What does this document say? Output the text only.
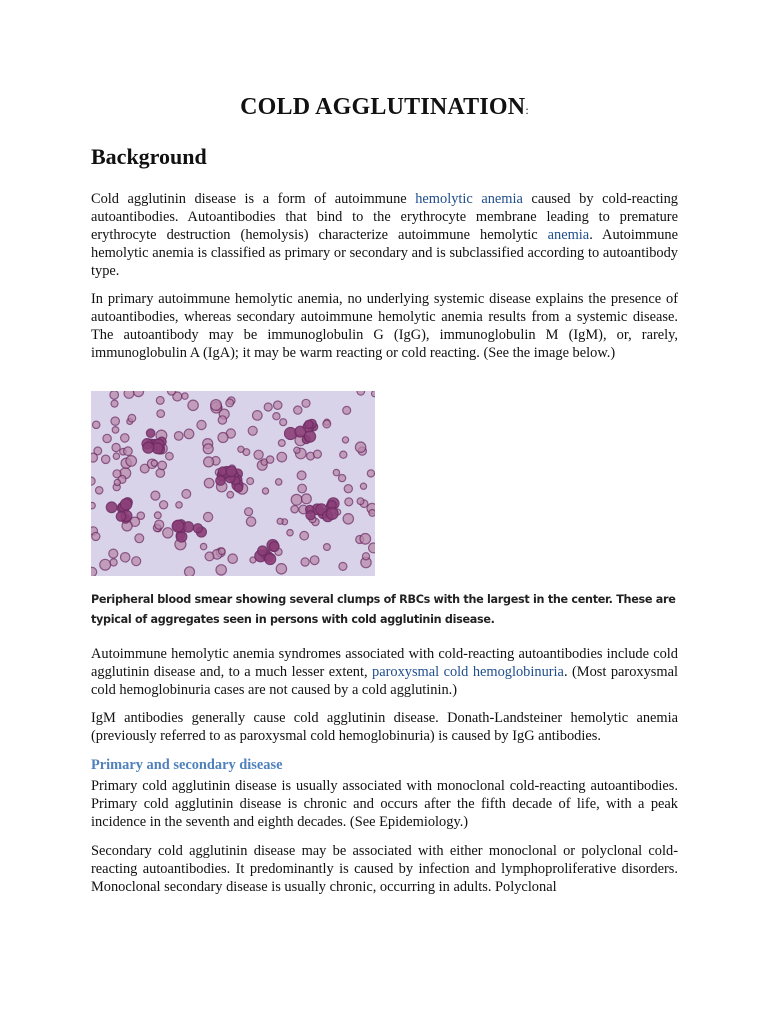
COLD AGGLUTINATION:
Background

Cold agglutinin disease is a form of autoimmune hemolytic anemia caused by cold-reacting autoantibodies. Autoantibodies that bind to the erythrocyte membrane leading to premature erythrocyte destruction (hemolysis) characterize autoimmune hemolytic anemia. Autoimmune hemolytic anemia is classified as primary or secondary and is subclassified according to autoantibody type.

In primary autoimmune hemolytic anemia, no underlying systemic disease explains the presence of autoantibodies, whereas secondary autoimmune hemolytic anemia results from a systemic disease. The autoantibody may be immunoglobulin G (IgG), immunoglobulin M (IgM), or, rarely, immunoglobulin A (IgA); it may be warm reacting or cold reacting. (See the image below.)

Peripheral blood smear showing several clumps of RBCs with the largest in the center. These are typical of aggregates seen in persons with cold agglutinin disease.

Autoimmune hemolytic anemia syndromes associated with cold-reacting autoantibodies include cold agglutinin disease and, to a much lesser extent, paroxysmal cold hemoglobinuria. (Most paroxysmal cold hemoglobinuria cases are not caused by a cold agglutinin.)

IgM antibodies generally cause cold agglutinin disease. Donath-Landsteiner hemolytic anemia (previously referred to as paroxysmal cold hemoglobinuria) is caused by IgG antibodies.

Primary and secondary disease

Primary cold agglutinin disease is usually associated with monoclonal cold-reacting autoantibodies. Primary cold agglutinin disease is chronic and occurs after the fifth decade of life, with a peak incidence in the seventh and eighth decades. (See Epidemiology.)

Secondary cold agglutinin disease may be associated with either monoclonal or polyclonal cold-reacting autoantibodies. It predominantly is caused by infection and lymphoproliferative disorders. Monoclonal secondary disease is usually chronic, occurring in adults. Polyclonal
